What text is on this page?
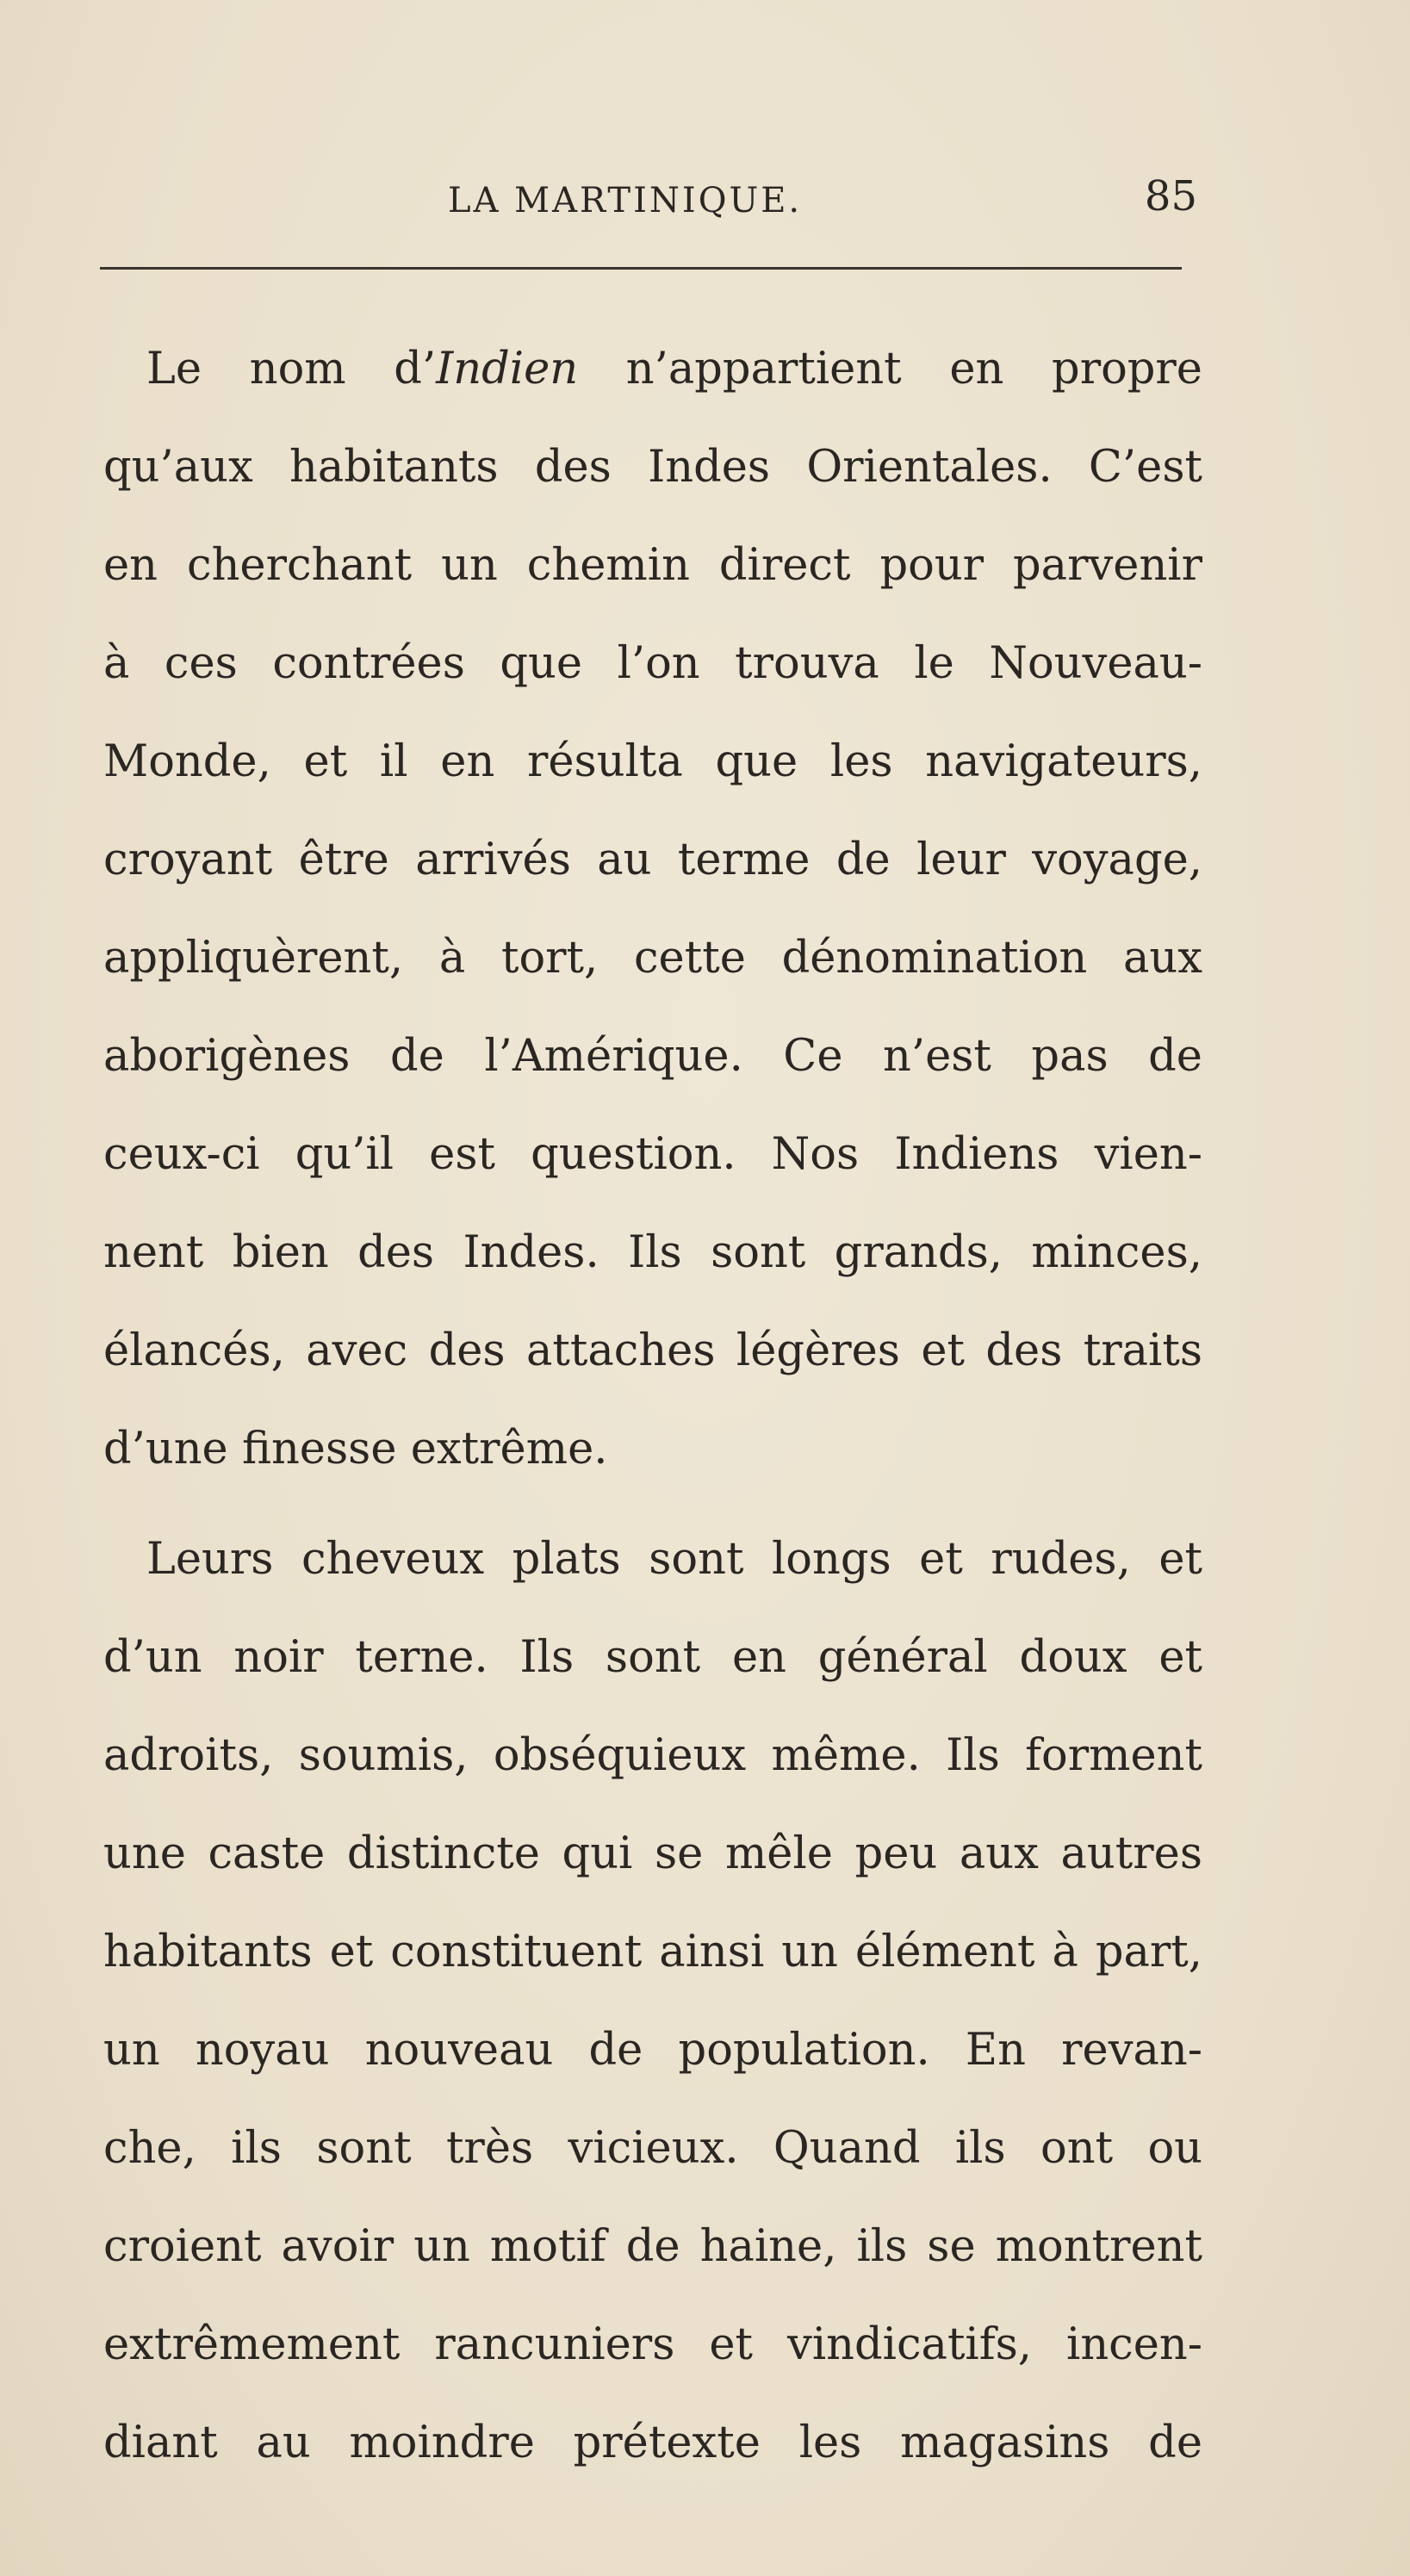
LA MARTINIQUE.	85
Le nom d’Indien n’appartient en propre
qu’aux habitants des Indes Orientales. C’est
en cherchant un chemin direct pour parvenir
à ces contrées que l’on trouva le Nouveau-
Monde, et il en résulta que les navigateurs,
croyant être arrivés au terme de leur voyage,
appliquèrent, à tort, cette dénomination aux
aborigènes de l’Amérique. Ce n’est pas de
ceux-ci qu’il est question. Nos Indiens vien-
nent bien des Indes. Ils sont grands, minces,
élancés, avec des attaches légères et des traits
d’une finesse extrême.
Leurs cheveux plats sont longs et rudes, et
d’un noir terne. Ils sont en général doux et
adroits, soumis, obséquieux même. Ils forment
une caste distincte qui se mêle peu aux autres
habitants et constituent ainsi un élément à part,
un noyau nouveau de population. En revan-
che, ils sont très vicieux. Quand ils ont ou
croient avoir un motif de haine, ils se montrent
extrêmement rancuniers et vindicatifs, incen-
diant au moindre prétexte les magasins de
